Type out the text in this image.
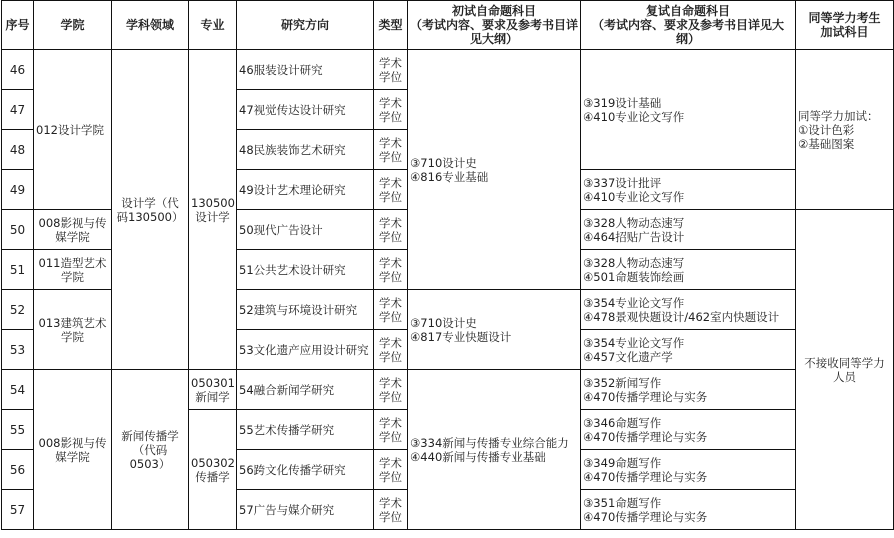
序号	学院	学科领域	专业	研究方向	类型	初试自命题科目
（考试内容、要求及参考书目详
见大纲）	复试自命题科目
（考试内容、要求及参考书目详见大
纲）	同等学力考生
加试科目
46	012设计学院	设计学（代
码130500）	130500
设计学	46服装设计研究	学术
学位	③710设计史
④816专业基础	③319设计基础
④410专业论文写作	同等学力加试：
①设计色彩
②基础图案
47				47视觉传达设计研究	学术
学位			
48				48民族装饰艺术研究	学术
学位			
49				49设计艺术理论研究	学术
学位		③337设计批评
④410专业论文写作	
50	008影视与传
媒学院			50现代广告设计	学术
学位		③328人物动态速写
④464招贴广告设计	不接收同等学力
人员
51	011造型艺术
学院			51公共艺术设计研究	学术
学位		③328人物动态速写
④501命题装饰绘画	
52	013建筑艺术
学院			52建筑与环境设计研究	学术
学位	③710设计史
④817专业快题设计	③354专业论文写作
④478景观快题设计/462室内快题设计	
53				53文化遗产应用设计研究	学术
学位		③354专业论文写作
④457文化遗产学	
54	008影视与传
媒学院	新闻传播学
（代码
0503）	050301
新闻学	54融合新闻学研究	学术
学位	③334新闻与传播专业综合能力
④440新闻与传播专业基础	③352新闻写作
④470传播学理论与实务	
55			050302
传播学	55艺术传播学研究	学术
学位		③346命题写作
④470传播学理论与实务	
56				56跨文化传播学研究	学术
学位		③349命题写作
④470传播学理论与实务	
57				57广告与媒介研究	学术
学位		③351命题写作
④470传播学理论与实务	
